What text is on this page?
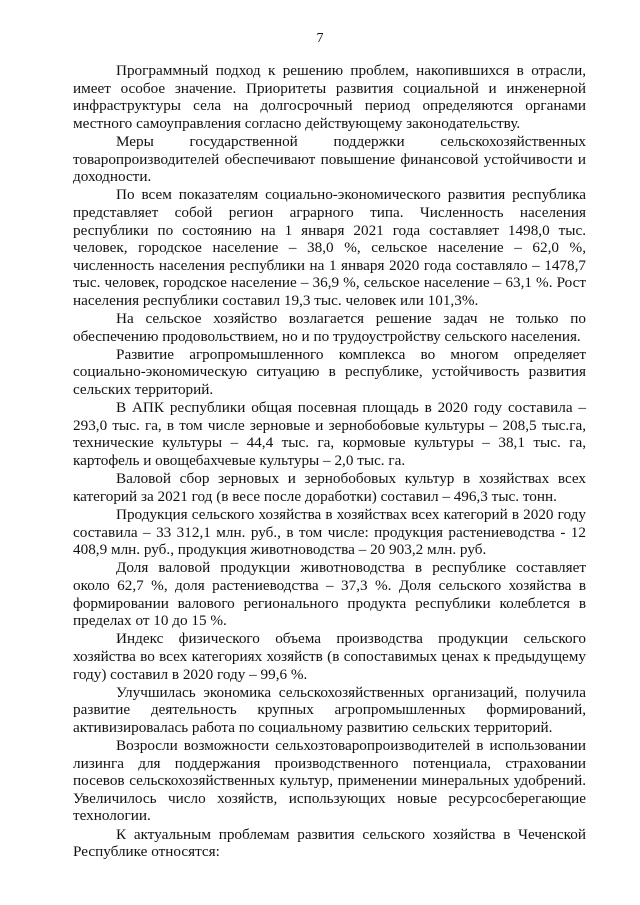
7

Программный подход к решению проблем, накопившихся в отрасли, имеет особое значение. Приоритеты развития социальной и инженерной инфраструктуры села на долгосрочный период определяются органами местного самоуправления согласно действующему законодательству.

Меры государственной поддержки сельскохозяйственных товаропроизводителей обеспечивают повышение финансовой устойчивости и доходности.

По всем показателям социально-экономического развития республика представляет собой регион аграрного типа. Численность населения республики по состоянию на 1 января 2021 года составляет 1498,0 тыс. человек, городское население – 38,0 %, сельское население – 62,0 %, численность населения республики на 1 января 2020 года составляло – 1478,7 тыс. человек, городское население – 36,9 %, сельское население – 63,1 %. Рост населения республики составил 19,3 тыс. человек или 101,3%.

На сельское хозяйство возлагается решение задач не только по обеспечению продовольствием, но и по трудоустройству сельского населения.

Развитие агропромышленного комплекса во многом определяет социально-экономическую ситуацию в республике, устойчивость развития сельских территорий.

В АПК республики общая посевная площадь в 2020 году составила – 293,0 тыс. га, в том числе зерновые и зернобобовые культуры – 208,5 тыс.га, технические культуры – 44,4 тыс. га, кормовые культуры – 38,1 тыс. га, картофель и овощебахчевые культуры – 2,0 тыс. га.

Валовой сбор зерновых и зернобобовых культур в хозяйствах всех категорий за 2021 год (в весе после доработки) составил – 496,3 тыс. тонн.

Продукция сельского хозяйства в хозяйствах всех категорий в 2020 году составила – 33 312,1 млн. руб., в том числе: продукция растениеводства - 12 408,9 млн. руб., продукция животноводства – 20 903,2 млн. руб.

Доля валовой продукции животноводства в республике составляет около 62,7 %, доля растениеводства – 37,3 %. Доля сельского хозяйства в формировании валового регионального продукта республики колеблется в пределах от 10 до 15 %.

Индекс физического объема производства продукции сельского хозяйства во всех категориях хозяйств (в сопоставимых ценах к предыдущему году) составил в 2020 году – 99,6 %.

Улучшилась экономика сельскохозяйственных организаций, получила развитие деятельность крупных агропромышленных формирований, активизировалась работа по социальному развитию сельских территорий.

Возросли возможности сельхозтоваропроизводителей в использовании лизинга для поддержания производственного потенциала, страховании посевов сельскохозяйственных культур, применении минеральных удобрений. Увеличилось число хозяйств, использующих новые ресурсосберегающие технологии.

К актуальным проблемам развития сельского хозяйства в Чеченской Республике относятся:
